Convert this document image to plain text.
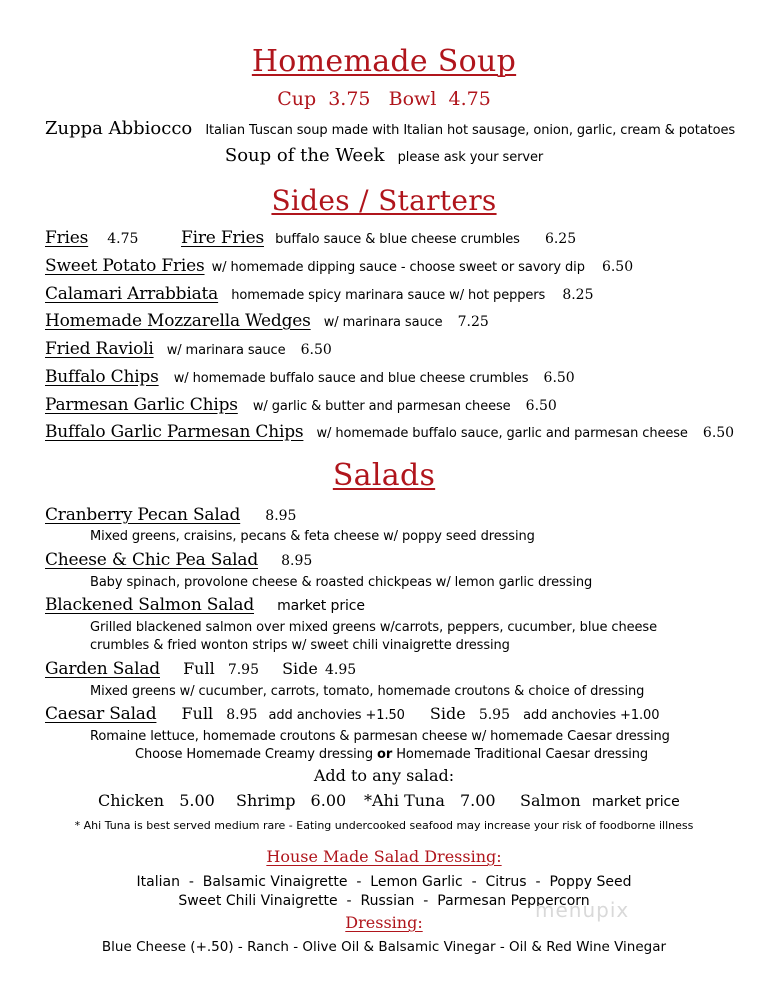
Homemade Soup
Cup 3.75 Bowl 4.75
Zuppa Abbiocco Italian Tuscan soup made with Italian hot sausage, onion, garlic, cream & potatoes
Soup of the Week please ask your server
Sides / Starters
Fries 4.75	Fire Fries buffalo sauce & blue cheese crumbles 6.25
Sweet Potato Fries w/ homemade dipping sauce - choose sweet or savory dip 6.50
Calamari Arrabbiata homemade spicy marinara sauce w/ hot peppers 8.25
Homemade Mozzarella Wedges w/ marinara sauce 7.25
Fried Ravioli w/ marinara sauce 6.50
Buffalo Chips w/ homemade buffalo sauce and blue cheese crumbles 6.50
Parmesan Garlic Chips w/ garlic & butter and parmesan cheese 6.50
Buffalo Garlic Parmesan Chips w/ homemade buffalo sauce, garlic and parmesan cheese 6.50
Salads
Cranberry Pecan Salad 8.95
Mixed greens, craisins, pecans & feta cheese w/ poppy seed dressing
Cheese & Chic Pea Salad 8.95
Baby spinach, provolone cheese & roasted chickpeas w/ lemon garlic dressing
Blackened Salmon Salad market price
Grilled blackened salmon over mixed greens w/carrots, peppers, cucumber, blue cheese
crumbles & fried wonton strips w/ sweet chili vinaigrette dressing
Garden Salad Full 7.95 Side 4.95
Mixed greens w/ cucumber, carrots, tomato, homemade croutons & choice of dressing
Caesar Salad Full 8.95 add anchovies +1.50 Side 5.95 add anchovies +1.00
Romaine lettuce, homemade croutons & parmesan cheese w/ homemade Caesar dressing
Choose Homemade Creamy dressing or Homemade Traditional Caesar dressing
Add to any salad:
Chicken 5.00 Shrimp 6.00 *Ahi Tuna 7.00 Salmon market price
* Ahi Tuna is best served medium rare - Eating undercooked seafood may increase your risk of foodborne illness
House Made Salad Dressing:
Italian  -  Balsamic Vinaigrette  -  Lemon Garlic  -  Citrus  -  Poppy Seed
Sweet Chili Vinaigrette  -  Russian  -  Parmesan Peppercorn
Dressing:
Blue Cheese (+.50) - Ranch - Olive Oil & Balsamic Vinegar - Oil & Red Wine Vinegar
menupix
